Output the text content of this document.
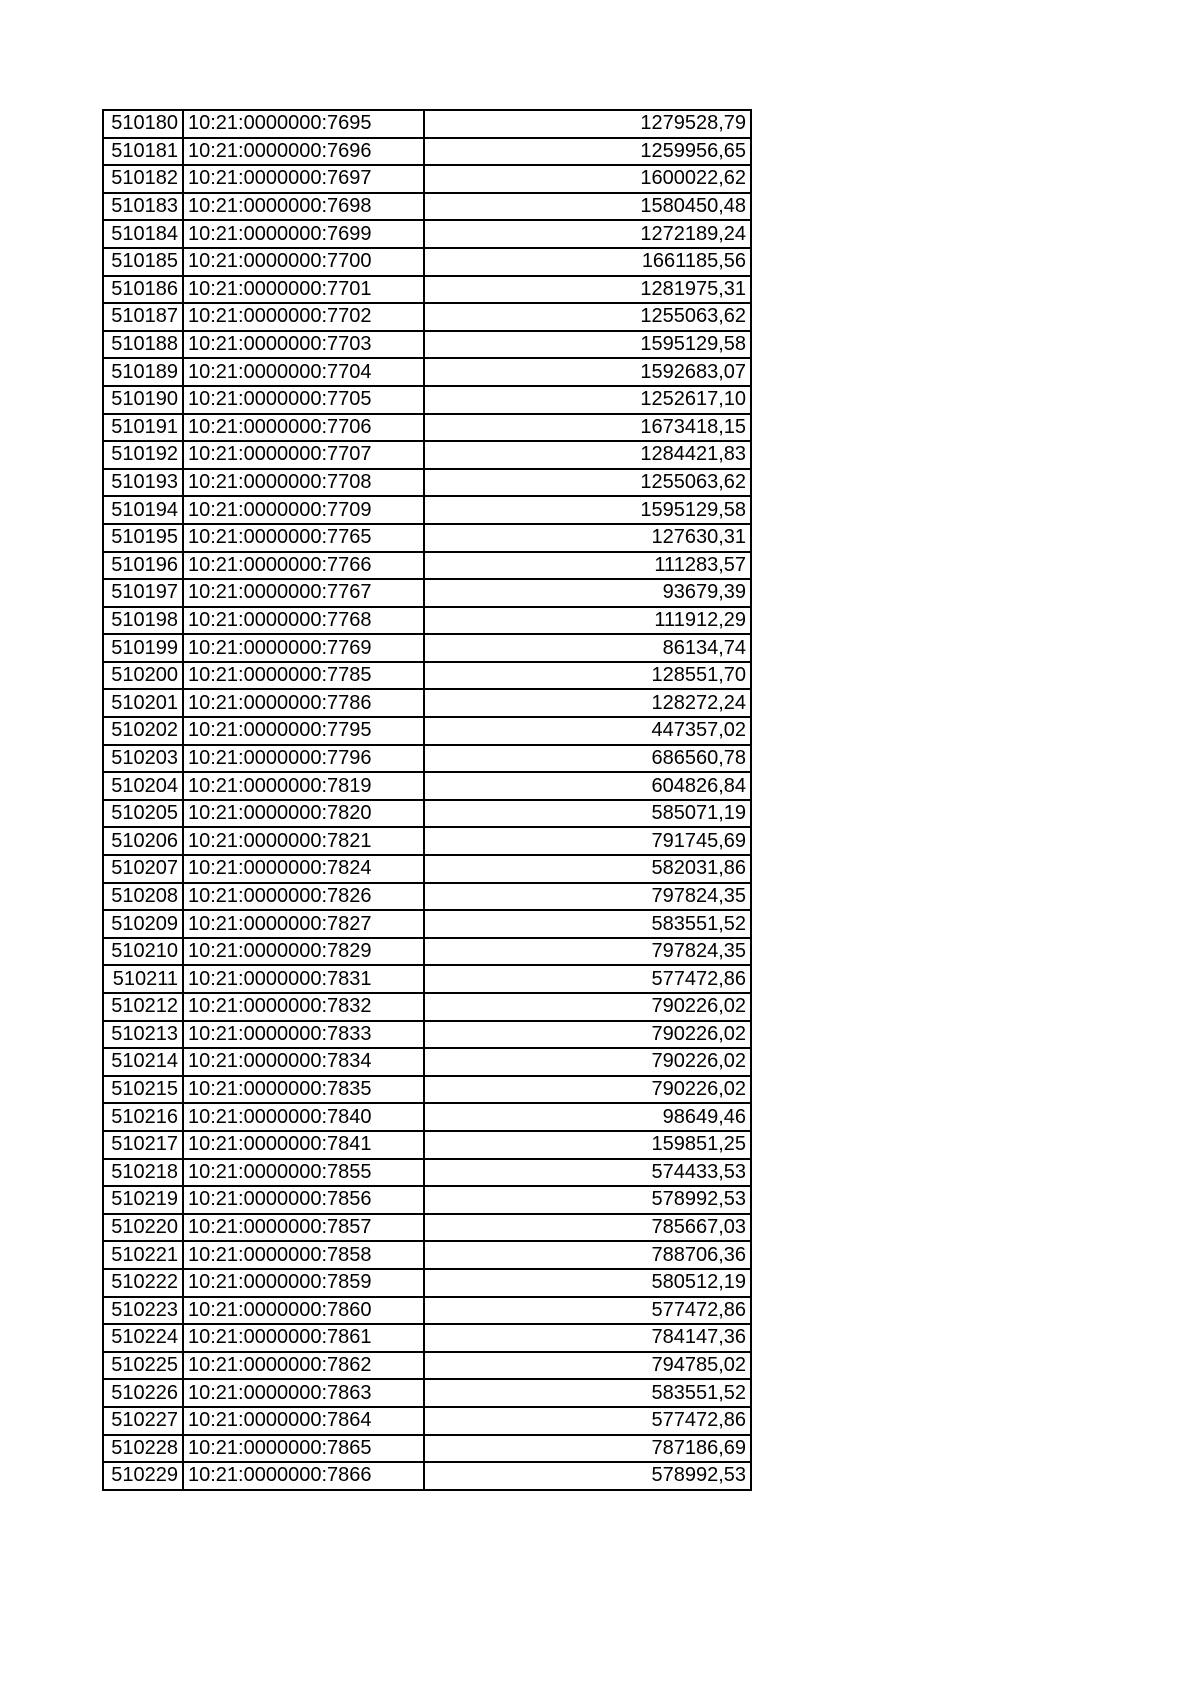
510180	10:21:0000000:7695	1279528,79
510181	10:21:0000000:7696	1259956,65
510182	10:21:0000000:7697	1600022,62
510183	10:21:0000000:7698	1580450,48
510184	10:21:0000000:7699	1272189,24
510185	10:21:0000000:7700	1661185,56
510186	10:21:0000000:7701	1281975,31
510187	10:21:0000000:7702	1255063,62
510188	10:21:0000000:7703	1595129,58
510189	10:21:0000000:7704	1592683,07
510190	10:21:0000000:7705	1252617,10
510191	10:21:0000000:7706	1673418,15
510192	10:21:0000000:7707	1284421,83
510193	10:21:0000000:7708	1255063,62
510194	10:21:0000000:7709	1595129,58
510195	10:21:0000000:7765	127630,31
510196	10:21:0000000:7766	111283,57
510197	10:21:0000000:7767	93679,39
510198	10:21:0000000:7768	111912,29
510199	10:21:0000000:7769	86134,74
510200	10:21:0000000:7785	128551,70
510201	10:21:0000000:7786	128272,24
510202	10:21:0000000:7795	447357,02
510203	10:21:0000000:7796	686560,78
510204	10:21:0000000:7819	604826,84
510205	10:21:0000000:7820	585071,19
510206	10:21:0000000:7821	791745,69
510207	10:21:0000000:7824	582031,86
510208	10:21:0000000:7826	797824,35
510209	10:21:0000000:7827	583551,52
510210	10:21:0000000:7829	797824,35
510211	10:21:0000000:7831	577472,86
510212	10:21:0000000:7832	790226,02
510213	10:21:0000000:7833	790226,02
510214	10:21:0000000:7834	790226,02
510215	10:21:0000000:7835	790226,02
510216	10:21:0000000:7840	98649,46
510217	10:21:0000000:7841	159851,25
510218	10:21:0000000:7855	574433,53
510219	10:21:0000000:7856	578992,53
510220	10:21:0000000:7857	785667,03
510221	10:21:0000000:7858	788706,36
510222	10:21:0000000:7859	580512,19
510223	10:21:0000000:7860	577472,86
510224	10:21:0000000:7861	784147,36
510225	10:21:0000000:7862	794785,02
510226	10:21:0000000:7863	583551,52
510227	10:21:0000000:7864	577472,86
510228	10:21:0000000:7865	787186,69
510229	10:21:0000000:7866	578992,53
